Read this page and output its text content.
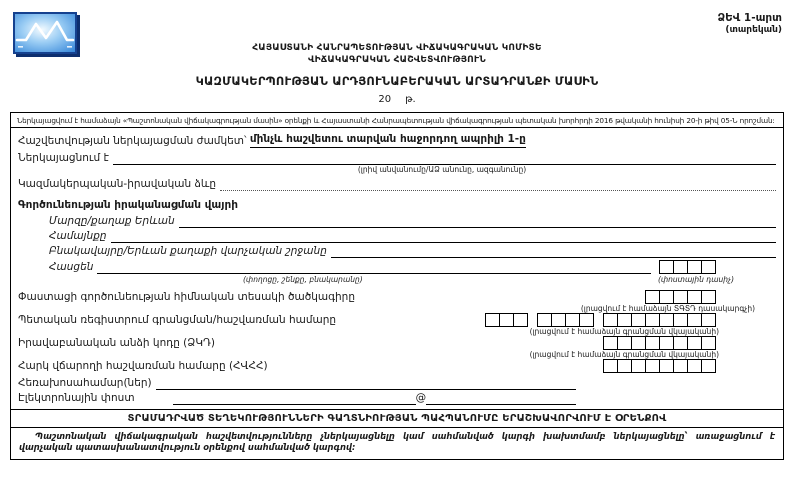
ՁԵՎ 1-արտ
(տարեկան)
ՀԱՅԱՍՏԱՆԻ ՀԱՆՐԱՊԵՏՈՒԹՅԱՆ ՎԻՃԱԿԱԳՐԱԿԱՆ ԿՈՄԻՏԵ
ՎԻՃԱԿԱԳՐԱԿԱՆ ՀԱՇՎԵՏՎՈՒԹՅՈՒՆ
ԿԱԶՄԱԿԵՐՊՈՒԹՅԱՆ ԱՐԴՅՈՒՆԱԲԵՐԱԿԱՆ ԱՐՏԱԴՐԱՆՔԻ ՄԱՍԻՆ
20 թ.
Ներկայացվում է համաձայն «Պաշտոնական վիճակագրության մասին» օրենքի և Հայաստանի Հանրապետության վիճակագրության պետական խորհրդի 2016 թվականի հունիսի 20-ի թիվ 05-Ն որոշման:
Հաշվետվության ներկայացման ժամկետ՝
մինչև հաշվետու տարվան հաջորդող ապրիլի 1-ը
Ներկայացնում է
(լրիվ անվանումը/ԱՁ անունը, ազգանունը)
Կազմակերպական-իրավական ձևը
Գործունեության իրականացման վայրի
Մարզը/քաղաք Երևան
Համայնքը
Բնակավայրը/Երևան քաղաքի վարչական շրջանը
Հասցեն
(փողոցը, շենքը, բնակարանը)	(փոստային դասիչ)
Փաստացի գործունեության հիմնական տեսակի ծածկագիրը
(լրացվում է համաձայն ՏԳՏԴ դասակարգչի)
Պետական ռեգիստրում գրանցման/հաշվառման համարը
(լրացվում է համաձայն գրանցման վկայականի)
Իրավաբանական անձի կոդը (ՁԿԴ)
(լրացվում է համաձայն գրանցման վկայականի)
Հարկ վճարողի հաշվառման համարը (ՀՎՀՀ)
Հեռախոսահամար(ներ)
Էլեկտրոնային փոստ	@
ՏՐԱՄԱԴՐՎԱԾ ՏԵՂԵԿՈՒԹՅՈՒՆՆԵՐԻ ԳԱՂՏՆԻՈՒԹՅԱՆ ՊԱՀՊԱՆՈՒՄԸ ԵՐԱՇԽԱՎՈՐՎՈՒՄ Է ՕՐԵՆՔՈՎ
Պաշտոնական վիճակագրական հաշվետվությունները չներկայացնելը կամ սահմանված կարգի խախտմամբ ներկայացնելը՝ առաջացնում է վարչական պատասխանատվություն օրենքով սահմանված կարգով:
